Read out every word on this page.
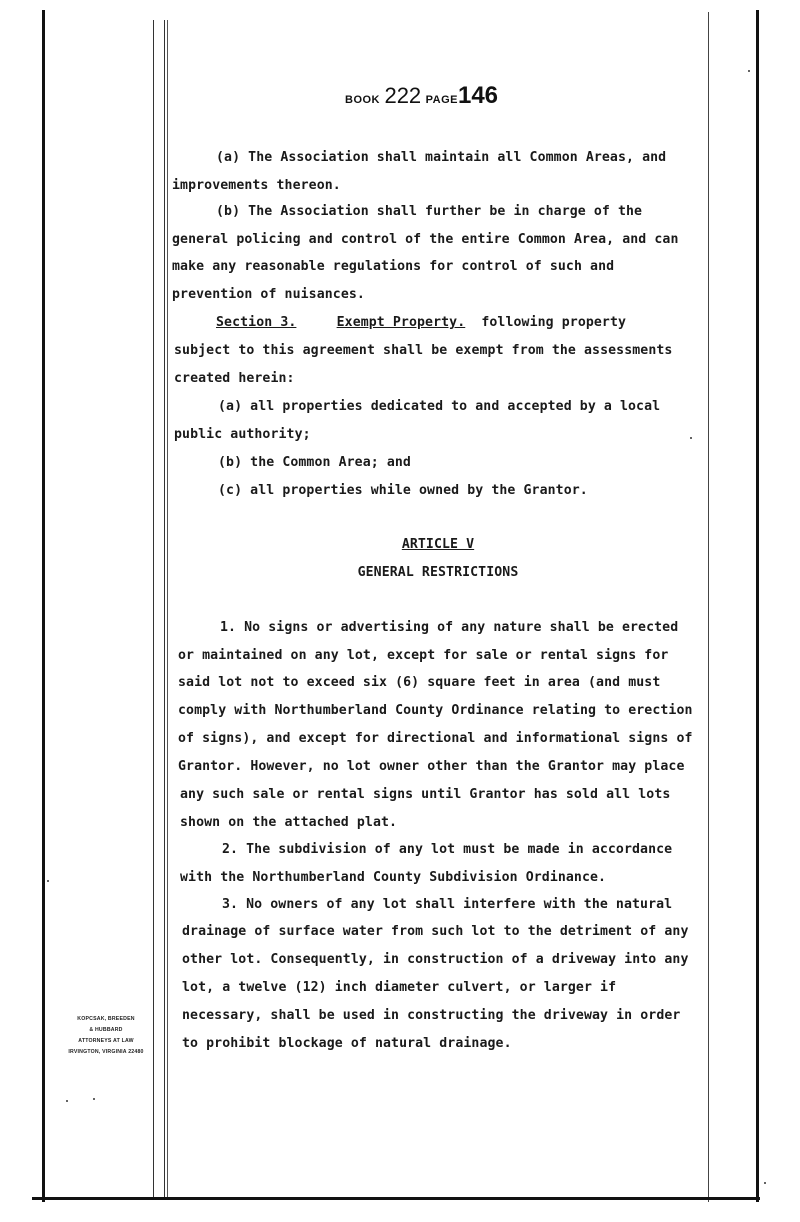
BOOK 222 PAGE146
(a) The Association shall maintain all Common Areas, and
improvements thereon.
(b) The Association shall further be in charge of the
general policing and control of the entire Common Area, and can
make any reasonable regulations for control of such and
prevention of nuisances.
Section 3.	Exempt Property. following property
subject to this agreement shall be exempt from the assessments
created herein:
(a) all properties dedicated to and accepted by a local
public authority;
(b) the Common Area; and
(c) all properties while owned by the Grantor.
ARTICLE V
GENERAL RESTRICTIONS
1. No signs or advertising of any nature shall be erected
or maintained on any lot, except for sale or rental signs for
said lot not to exceed six (6) square feet in area (and must
comply with Northumberland County Ordinance relating to erection
of signs), and except for directional and informational signs of
Grantor. However, no lot owner other than the Grantor may place
any such sale or rental signs until Grantor has sold all lots
shown on the attached plat.
2. The subdivision of any lot must be made in accordance
with the Northumberland County Subdivision Ordinance.
3. No owners of any lot shall interfere with the natural
drainage of surface water from such lot to the detriment of any
other lot. Consequently, in construction of a driveway into any
lot, a twelve (12) inch diameter culvert, or larger if
necessary, shall be used in constructing the driveway in order
to prohibit blockage of natural drainage.
KOPCSAK, BREEDEN
& HUBBARD
ATTORNEYS AT LAW
IRVINGTON, VIRGINIA 22480
